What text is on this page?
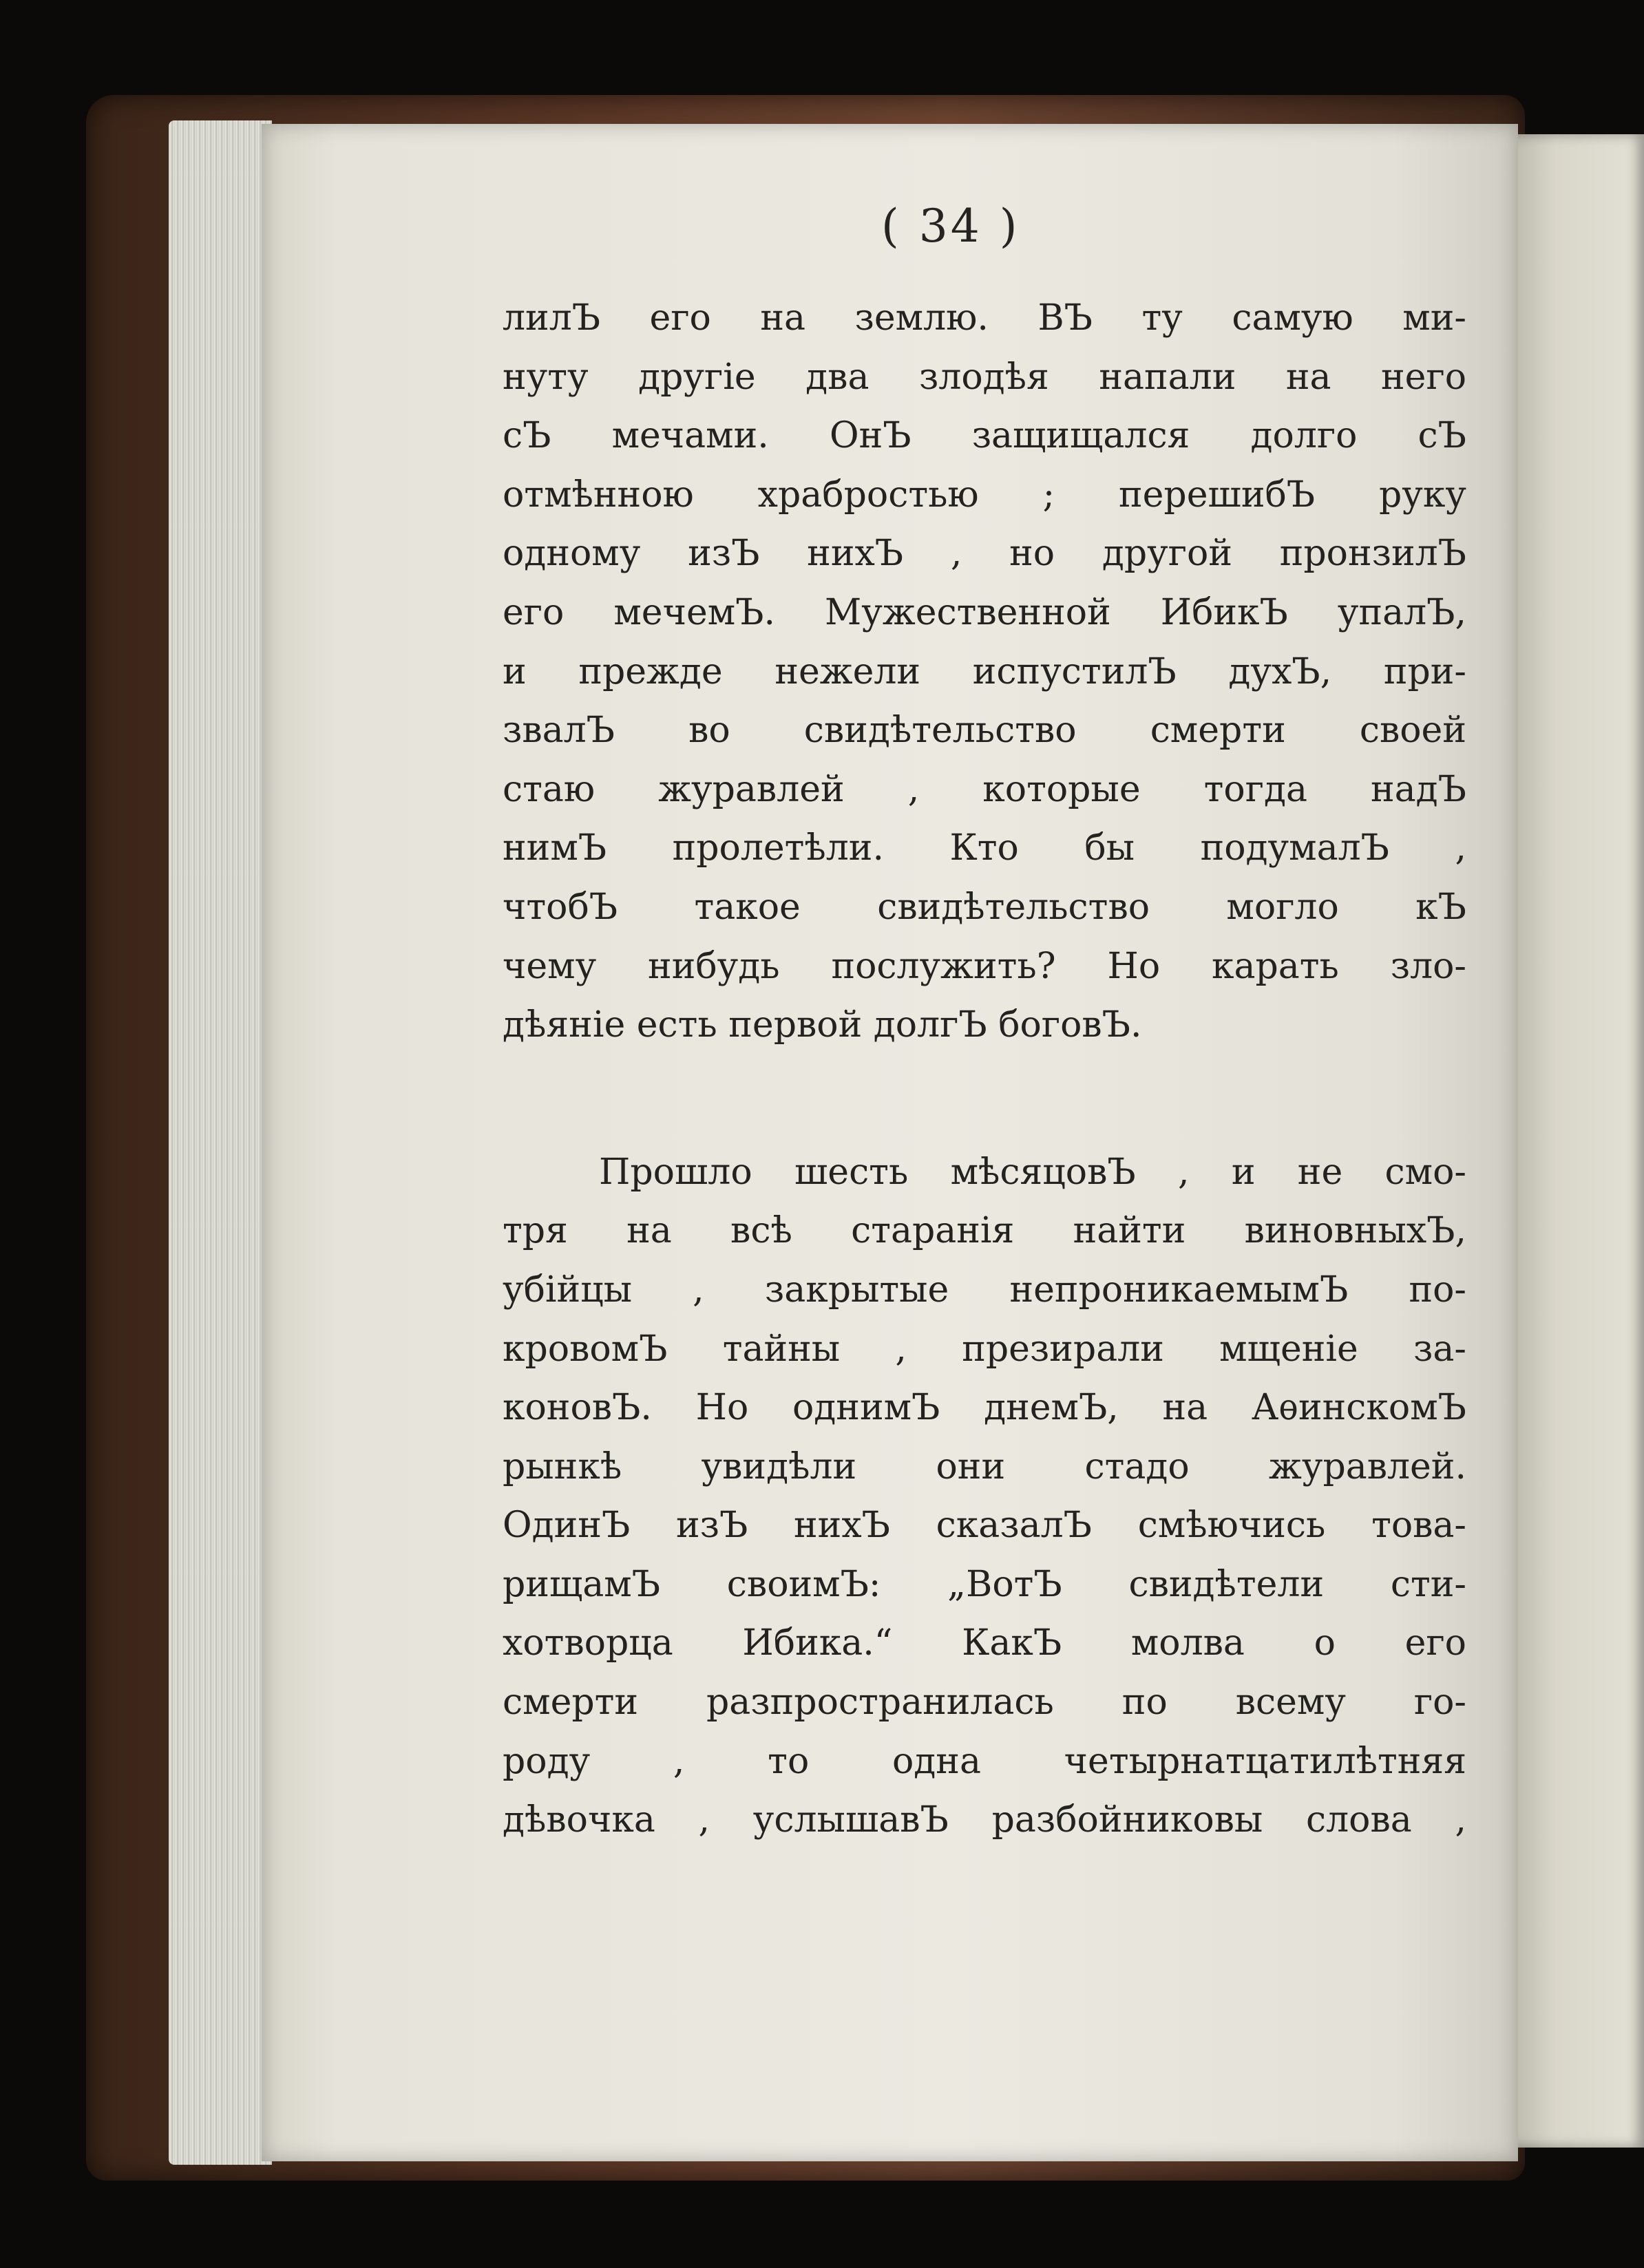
( 34 )
лилЪ его на землю. ВЪ ту самую ми-
нуту другіе два злодѣя напали на него
сЪ мечами. ОнЪ защищался долго сЪ
отмѣнною храбростью ; перешибЪ руку
одному изЪ нихЪ , но другой пронзилЪ
его мечемЪ. Мужественной ИбикЪ упалЪ,
и прежде нежели испустилЪ духЪ, при-
звалЪ во свидѣтельство смерти своей
стаю журавлей , которые тогда надЪ
нимЪ пролетѣли. Кто бы подумалЪ ,
чтобЪ такое свидѣтельство могло кЪ
чему нибудь послужить? Но карать зло-
дѣяніе есть первой долгЪ боговЪ.
Прошло шесть мѣсяцовЪ , и не смо-
тря на всѣ старанія найти виновныхЪ,
убійцы , закрытые непроникаемымЪ по-
кровомЪ тайны , презирали мщеніе за-
коновЪ. Но однимЪ днемЪ, на АѳинскомЪ
рынкѣ увидѣли они стадо журавлей.
ОдинЪ изЪ нихЪ сказалЪ смѣючись това-
рищамЪ своимЪ: „ВотЪ свидѣтели сти-
хотворца Ибика.“ КакЪ молва о его
смерти разпространилась по всему го-
роду , то одна четырнатцатилѣтняя
дѣвочка , услышавЪ разбойниковы слова ,
